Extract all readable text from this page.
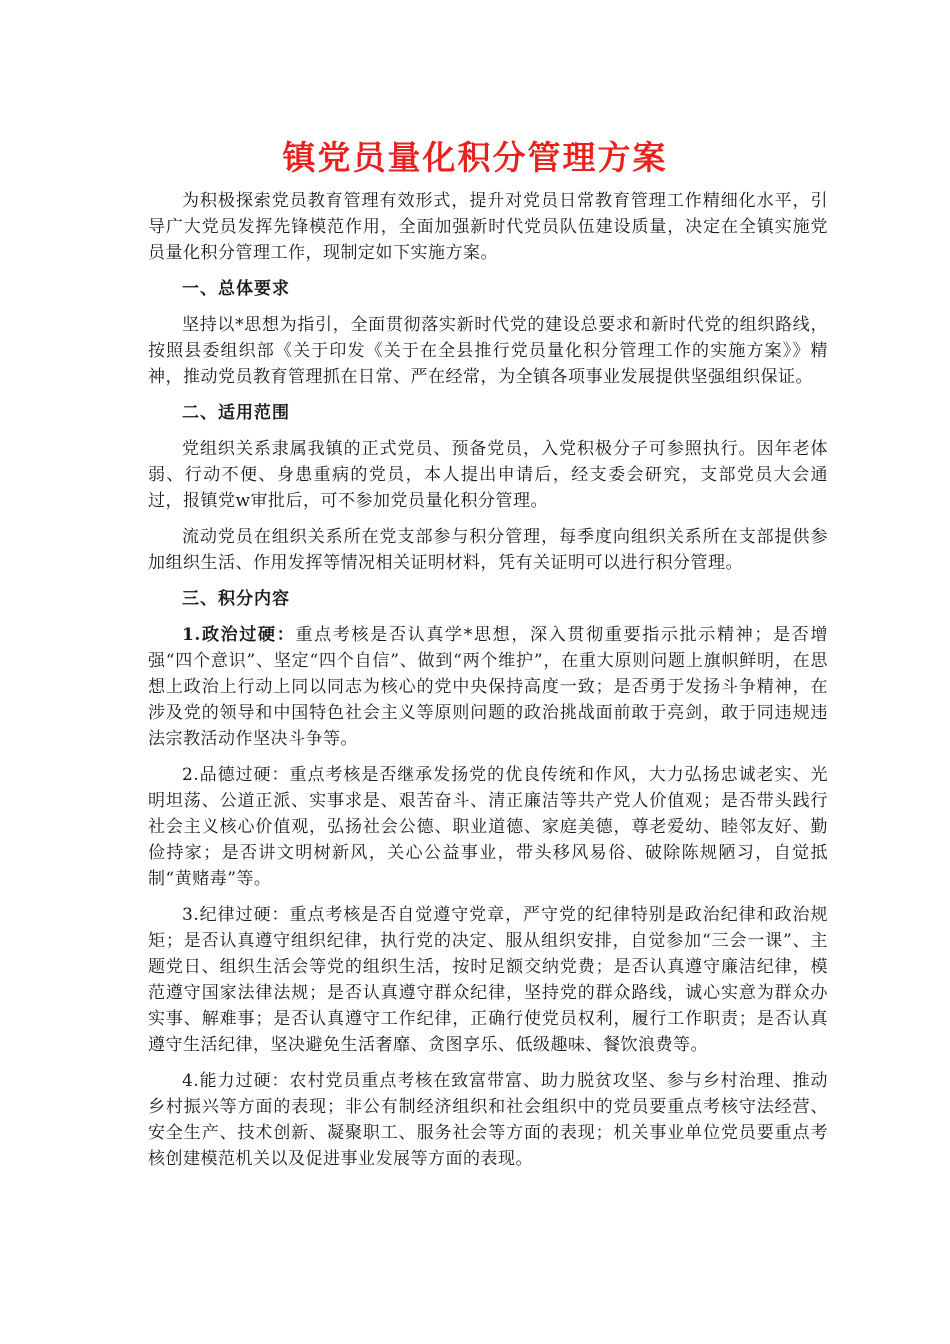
镇党员量化积分管理方案

为积极探索党员教育管理有效形式，提升对党员日常教育管理工作精细化水平，引导广大党员发挥先锋模范作用，全面加强新时代党员队伍建设质量，决定在全镇实施党员量化积分管理工作，现制定如下实施方案。

一、总体要求

坚持以*思想为指引，全面贯彻落实新时代党的建设总要求和新时代党的组织路线，按照县委组织部《关于印发《关于在全县推行党员量化积分管理工作的实施方案》》精神，推动党员教育管理抓在日常、严在经常，为全镇各项事业发展提供坚强组织保证。

二、适用范围

党组织关系隶属我镇的正式党员、预备党员，入党积极分子可参照执行。因年老体弱、行动不便、身患重病的党员，本人提出申请后，经支委会研究，支部党员大会通过，报镇党w审批后，可不参加党员量化积分管理。

流动党员在组织关系所在党支部参与积分管理，每季度向组织关系所在支部提供参加组织生活、作用发挥等情况相关证明材料，凭有关证明可以进行积分管理。

三、积分内容

1.政治过硬：重点考核是否认真学*思想，深入贯彻重要指示批示精神；是否增强“四个意识”、坚定“四个自信”、做到“两个维护”，在重大原则问题上旗帜鲜明，在思想上政治上行动上同以同志为核心的党中央保持高度一致；是否勇于发扬斗争精神，在涉及党的领导和中国特色社会主义等原则问题的政治挑战面前敢于亮剑，敢于同违规违法宗教活动作坚决斗争等。

2.品德过硬：重点考核是否继承发扬党的优良传统和作风，大力弘扬忠诚老实、光明坦荡、公道正派、实事求是、艰苦奋斗、清正廉洁等共产党人价值观；是否带头践行社会主义核心价值观，弘扬社会公德、职业道德、家庭美德，尊老爱幼、睦邻友好、勤俭持家；是否讲文明树新风，关心公益事业，带头移风易俗、破除陈规陋习，自觉抵制“黄赌毒”等。

3.纪律过硬：重点考核是否自觉遵守党章，严守党的纪律特别是政治纪律和政治规矩；是否认真遵守组织纪律，执行党的决定、服从组织安排，自觉参加“三会一课”、主题党日、组织生活会等党的组织生活，按时足额交纳党费；是否认真遵守廉洁纪律，模范遵守国家法律法规；是否认真遵守群众纪律，坚持党的群众路线，诚心实意为群众办实事、解难事；是否认真遵守工作纪律，正确行使党员权利，履行工作职责；是否认真遵守生活纪律，坚决避免生活奢靡、贪图享乐、低级趣味、餐饮浪费等。

4.能力过硬：农村党员重点考核在致富带富、助力脱贫攻坚、参与乡村治理、推动乡村振兴等方面的表现；非公有制经济组织和社会组织中的党员要重点考核守法经营、安全生产、技术创新、凝聚职工、服务社会等方面的表现；机关事业单位党员要重点考核创建模范机关以及促进事业发展等方面的表现。
